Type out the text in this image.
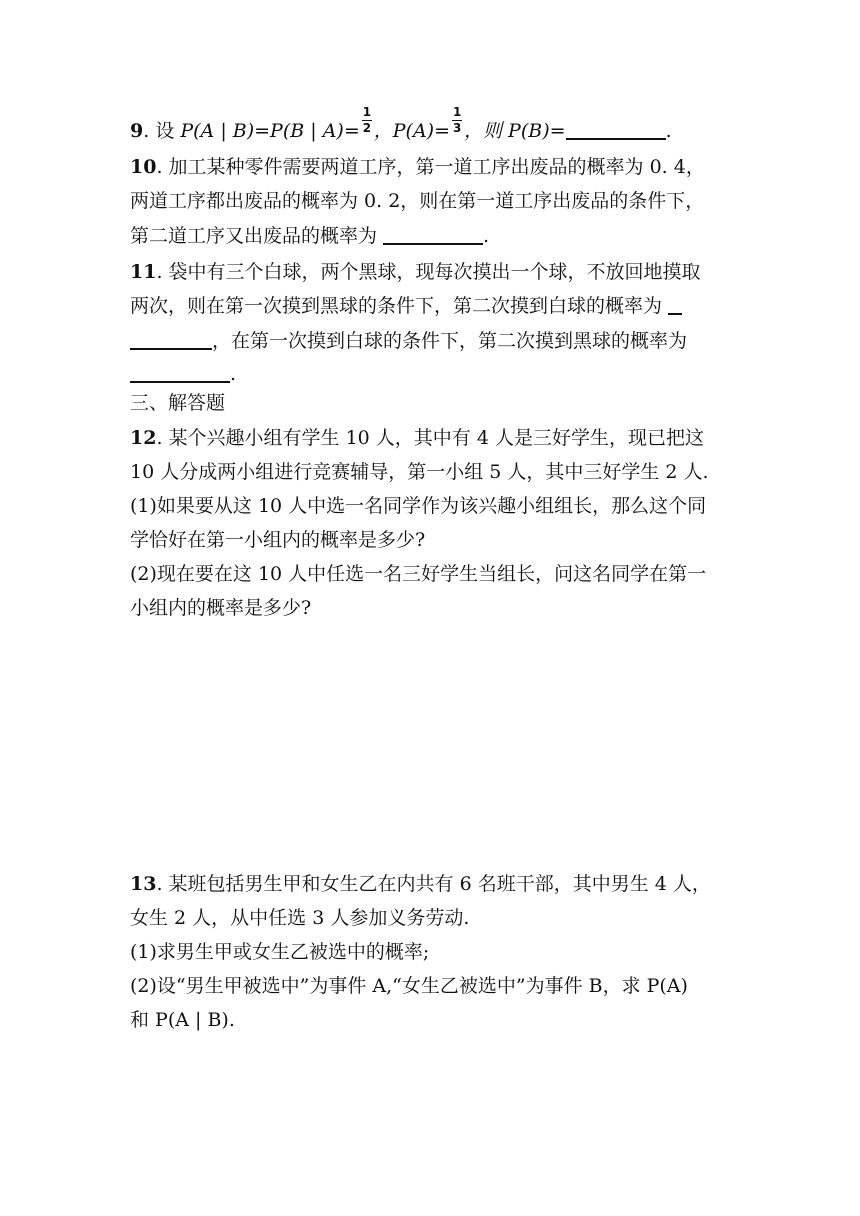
9. 设 P(A | B)=P(B | $A)= \frac{1}{2}$ ，$P(A)= \frac{1}{3}$ ，则 P(B)=	.
10. 加工某种零件需要两道工序，第一道工序出废品的概率为 0. 4，
两道工序都出废品的概率为 0. 2，则在第一道工序出废品的条件下，
第二道工序又出废品的概率为	.
11. 袋中有三个白球，两个黑球，现每次摸出一个球，不放回地摸取
两次，则在第一次摸到黑球的条件下，第二次摸到白球的概率为
，在第一次摸到白球的条件下，第二次摸到黑球的概率为
.
三、解答题
12. 某个兴趣小组有学生 10 人，其中有 4 人是三好学生，现已把这
10 人分成两小组进行竞赛辅导，第一小组 5 人，其中三好学生 2 人.
(1)如果要从这 10 人中选一名同学作为该兴趣小组组长，那么这个同
学恰好在第一小组内的概率是多少?
(2)现在要在这 10 人中任选一名三好学生当组长，问这名同学在第一
小组内的概率是多少?
13. 某班包括男生甲和女生乙在内共有 6 名班干部，其中男生 4 人，
女生 2 人，从中任选 3 人参加义务劳动.
(1)求男生甲或女生乙被选中的概率;
(2)设“男生甲被选中”为事件 A,“女生乙被选中”为事件 B，求 P(A)
和 P(A | B).
